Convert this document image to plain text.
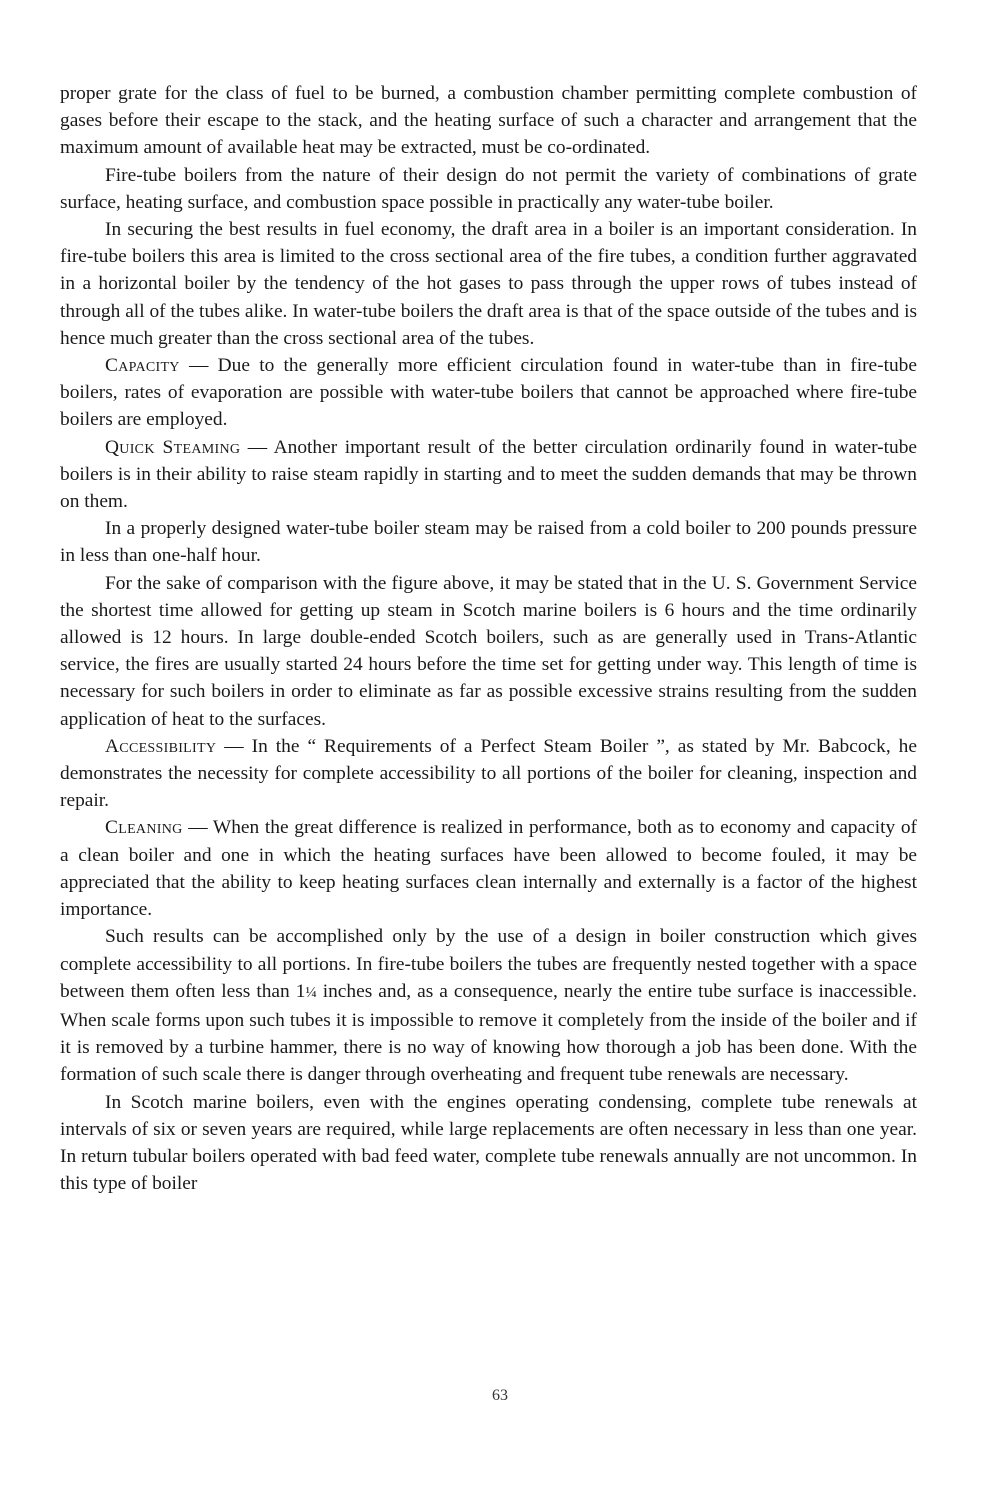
proper grate for the class of fuel to be burned, a combustion chamber permitting complete combustion of gases before their escape to the stack, and the heating surface of such a character and arrangement that the maximum amount of available heat may be extracted, must be co-ordinated.

Fire-tube boilers from the nature of their design do not permit the variety of combinations of grate surface, heating surface, and combustion space possible in practically any water-tube boiler.

In securing the best results in fuel economy, the draft area in a boiler is an important consideration. In fire-tube boilers this area is limited to the cross sectional area of the fire tubes, a condition further aggravated in a horizontal boiler by the tendency of the hot gases to pass through the upper rows of tubes instead of through all of the tubes alike. In water-tube boilers the draft area is that of the space outside of the tubes and is hence much greater than the cross sectional area of the tubes.

Capacity — Due to the generally more efficient circulation found in water-tube than in fire-tube boilers, rates of evaporation are possible with water-tube boilers that cannot be approached where fire-tube boilers are employed.

Quick Steaming — Another important result of the better circulation ordinarily found in water-tube boilers is in their ability to raise steam rapidly in starting and to meet the sudden demands that may be thrown on them.

In a properly designed water-tube boiler steam may be raised from a cold boiler to 200 pounds pressure in less than one-half hour.

For the sake of comparison with the figure above, it may be stated that in the U. S. Government Service the shortest time allowed for getting up steam in Scotch marine boilers is 6 hours and the time ordinarily allowed is 12 hours. In large double-ended Scotch boilers, such as are generally used in Trans-Atlantic service, the fires are usually started 24 hours before the time set for getting under way. This length of time is necessary for such boilers in order to eliminate as far as possible excessive strains resulting from the sudden application of heat to the surfaces.

Accessibility — In the “ Requirements of a Perfect Steam Boiler ”, as stated by Mr. Babcock, he demonstrates the necessity for complete accessibility to all portions of the boiler for cleaning, inspection and repair.

Cleaning — When the great difference is realized in performance, both as to economy and capacity of a clean boiler and one in which the heating surfaces have been allowed to become fouled, it may be appreciated that the ability to keep heating surfaces clean internally and externally is a factor of the highest importance.

Such results can be accomplished only by the use of a design in boiler construction which gives complete accessibility to all portions. In fire-tube boilers the tubes are frequently nested together with a space between them often less than 1¼ inches and, as a consequence, nearly the entire tube surface is inaccessible. When scale forms upon such tubes it is impossible to remove it completely from the inside of the boiler and if it is removed by a turbine hammer, there is no way of knowing how thorough a job has been done. With the formation of such scale there is danger through overheating and frequent tube renewals are necessary.

In Scotch marine boilers, even with the engines operating condensing, complete tube renewals at intervals of six or seven years are required, while large replacements are often necessary in less than one year. In return tubular boilers operated with bad feed water, complete tube renewals annually are not uncommon. In this type of boiler

63
